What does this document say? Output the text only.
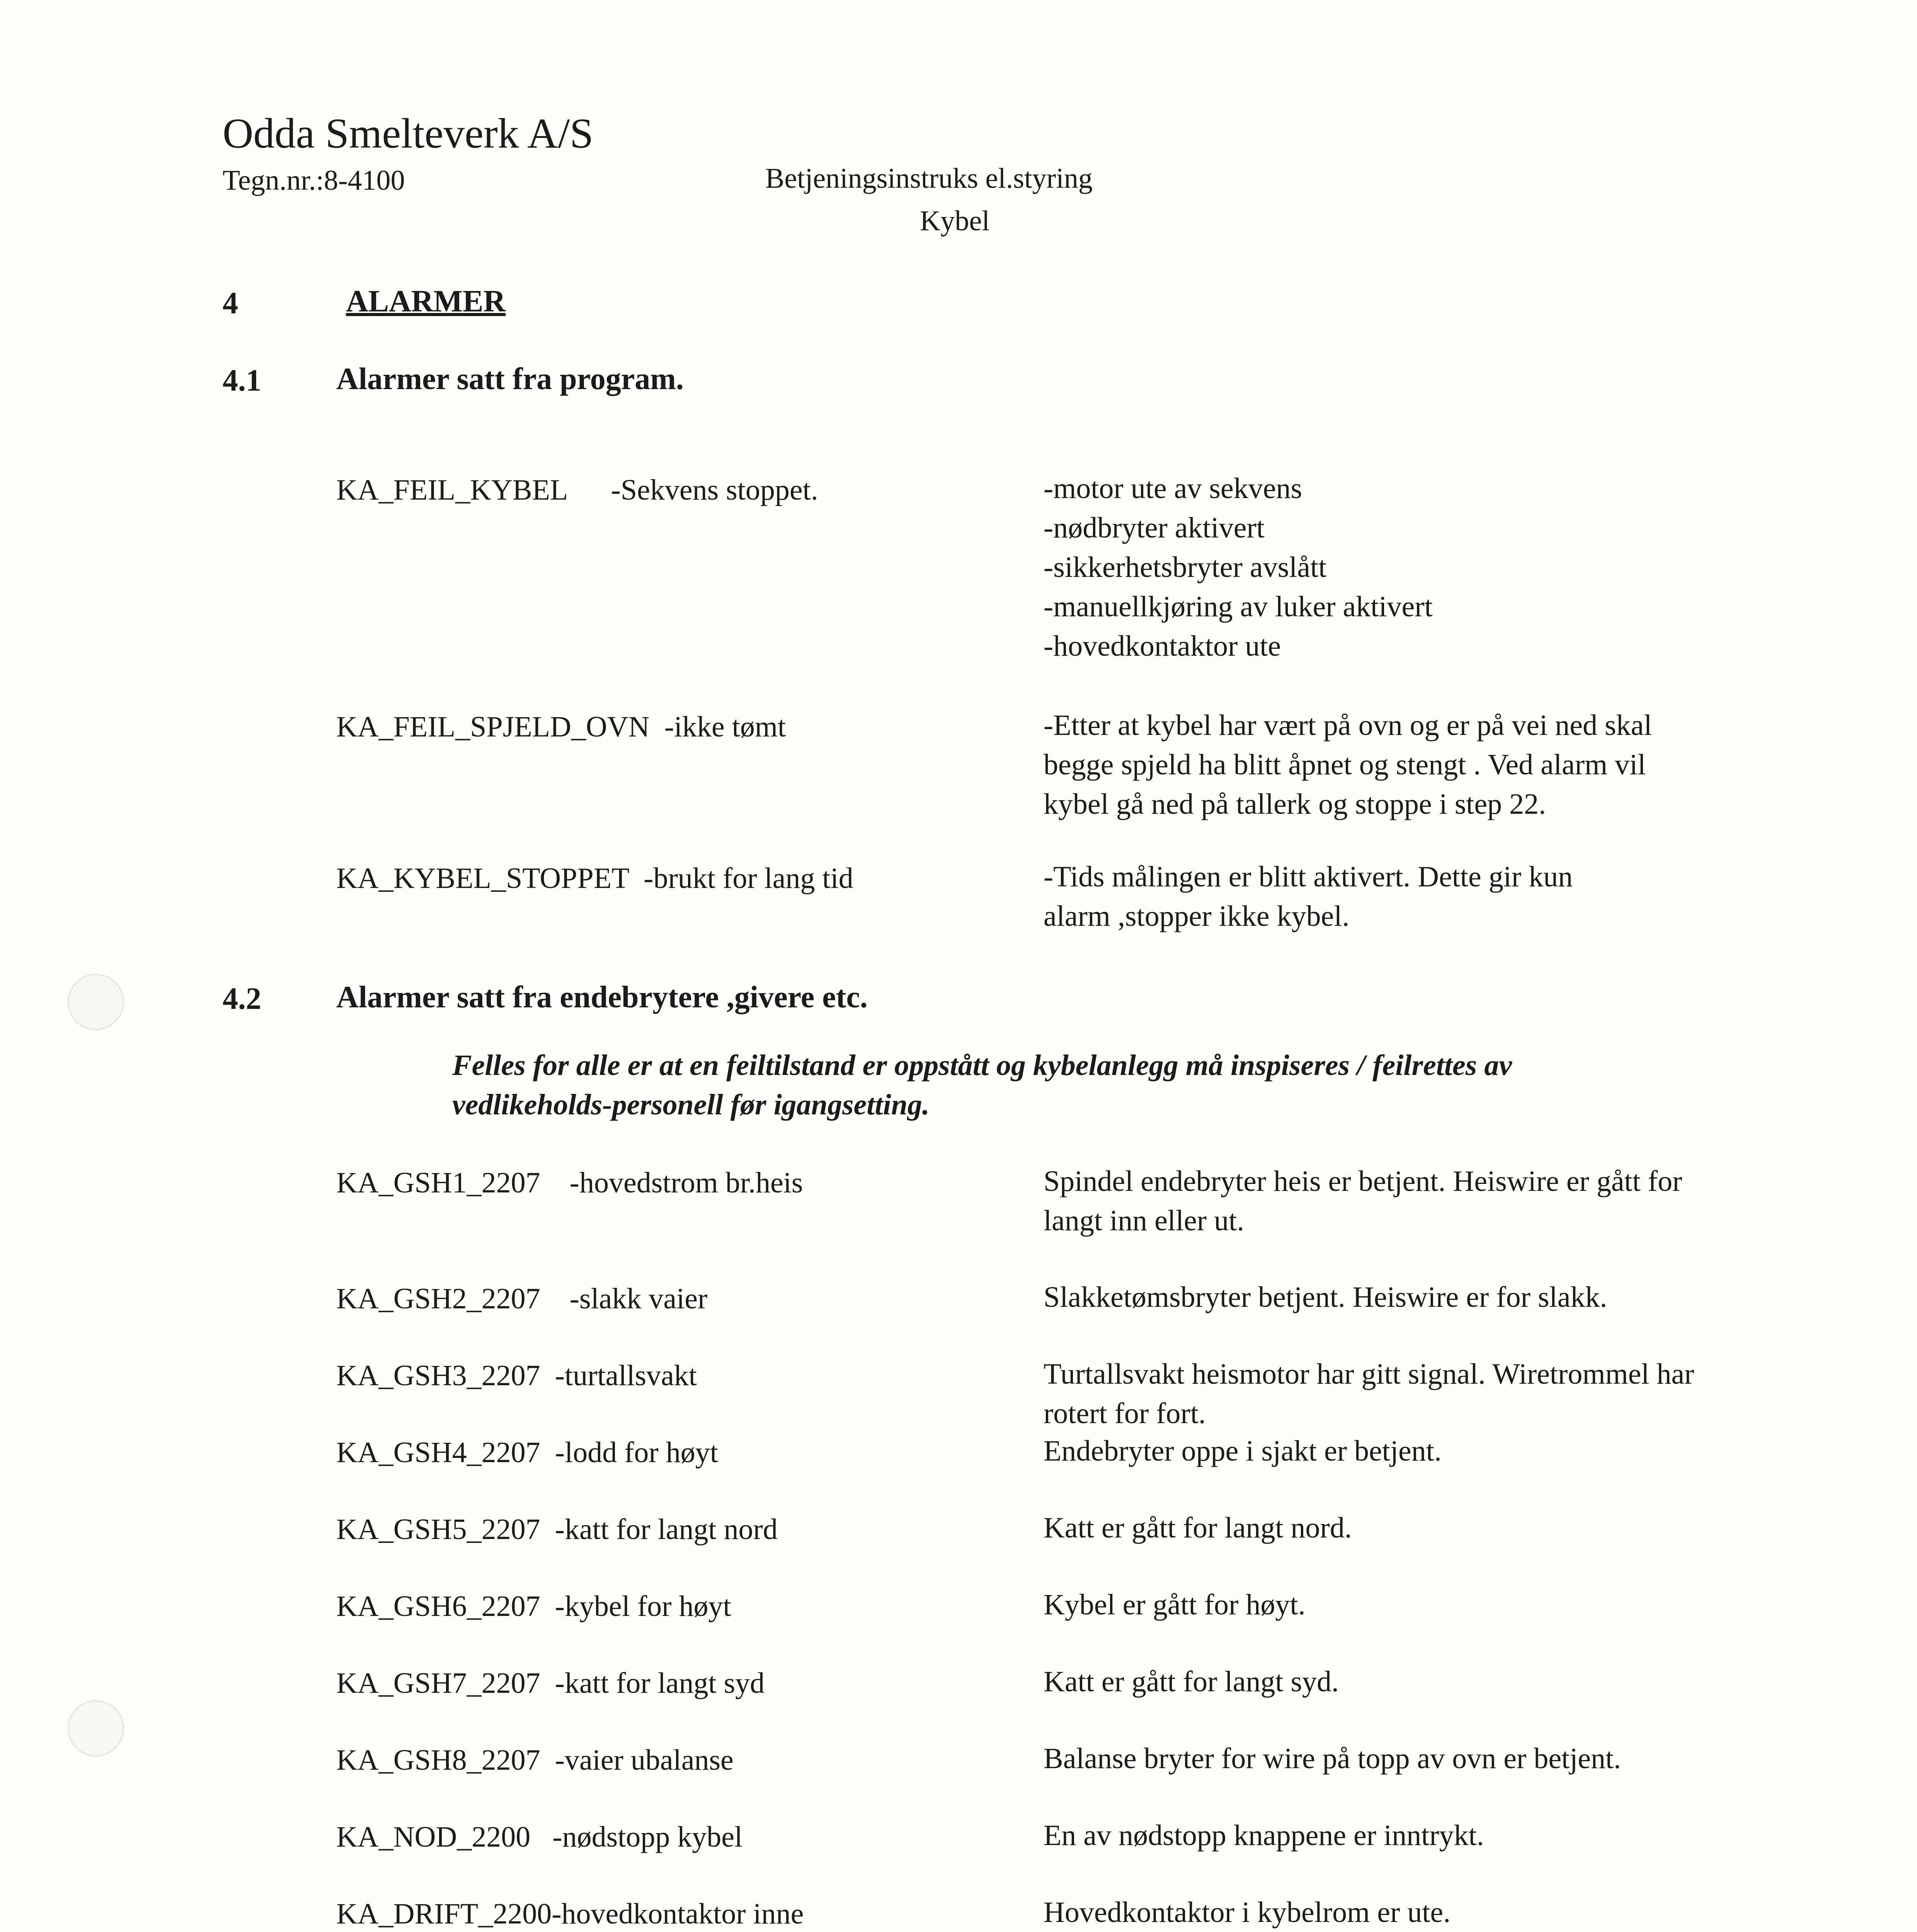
Odda Smelteverk A/S
Tegn.nr.:8-4100	Betjeningsinstruks el.styring
Kybel
4	ALARMER
4.1 Alarmer satt fra program.
KA_FEIL_KYBEL      -Sekvens stoppet.	-motor ute av sekvens
-nødbryter aktivert
-sikkerhetsbryter avslått
-manuellkjøring av luker aktivert
-hovedkontaktor ute
KA_FEIL_SPJELD_OVN  -ikke tømt	-Etter at kybel har vært på ovn og er på vei ned skal
begge spjeld ha blitt åpnet og stengt . Ved alarm vil
kybel gå ned på tallerk og stoppe i step 22.
KA_KYBEL_STOPPET  -brukt for lang tid	-Tids målingen er blitt aktivert. Dette gir kun
alarm ,stopper ikke kybel.
4.2 Alarmer satt fra endebrytere ,givere etc.
Felles for alle er at en feiltilstand er oppstått og kybelanlegg må inspiseres / feilrettes av
vedlikeholds-personell før igangsetting.
KA_GSH1_2207    -hovedstrom br.heis	Spindel endebryter heis er betjent. Heiswire er gått for
langt inn eller ut.
KA_GSH2_2207    -slakk vaier	Slakketømsbryter betjent. Heiswire er for slakk.
KA_GSH3_2207  -turtallsvakt	Turtallsvakt heismotor har gitt signal. Wiretrommel har
rotert for fort.
KA_GSH4_2207  -lodd for høyt	Endebryter oppe i sjakt er betjent.
KA_GSH5_2207  -katt for langt nord	Katt er gått for langt nord.
KA_GSH6_2207  -kybel for høyt	Kybel er gått for høyt.
KA_GSH7_2207  -katt for langt syd	Katt er gått for langt syd.
KA_GSH8_2207  -vaier ubalanse	Balanse bryter for wire på topp av ovn er betjent.
KA_NOD_2200   -nødstopp kybel	En av nødstopp knappene er inntrykt.
KA_DRIFT_2200-hovedkontaktor inne	Hovedkontaktor i kybelrom er ute.
